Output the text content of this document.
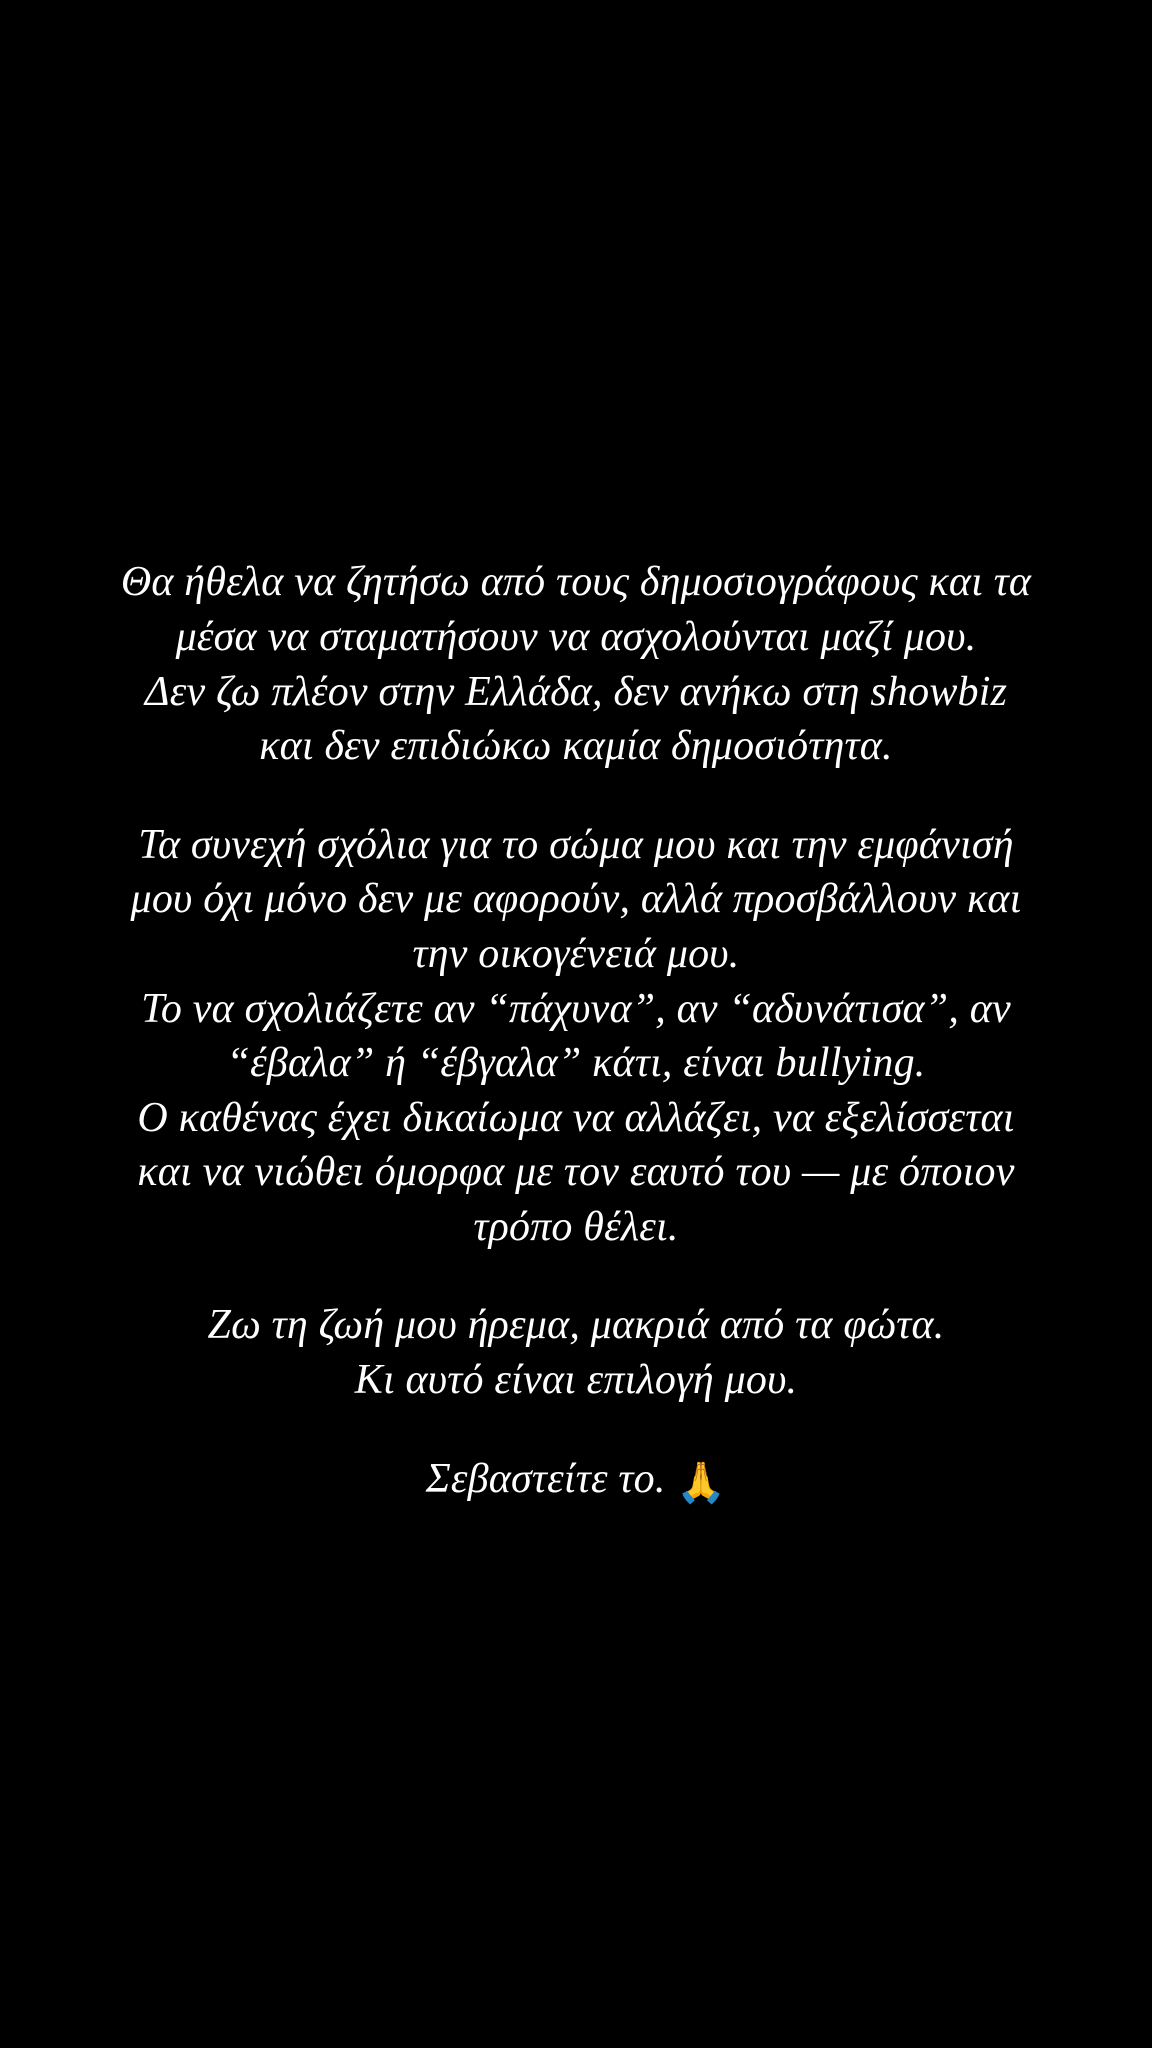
Θα ήθελα να ζητήσω από τους δημοσιογράφους και τα
μέσα να σταματήσουν να ασχολούνται μαζί μου.
Δεν ζω πλέον στην Ελλάδα, δεν ανήκω στη showbiz
και δεν επιδιώκω καμία δημοσιότητα.
Τα συνεχή σχόλια για το σώμα μου και την εμφάνισή
μου όχι μόνο δεν με αφορούν, αλλά προσβάλλουν και
την οικογένειά μου.
Το να σχολιάζετε αν “πάχυνα”, αν “αδυνάτισα”, αν
“έβαλα” ή “έβγαλα” κάτι, είναι bullying.
Ο καθένας έχει δικαίωμα να αλλάζει, να εξελίσσεται
και να νιώθει όμορφα με τον εαυτό του — με όποιον
τρόπο θέλει.
Ζω τη ζωή μου ήρεμα, μακριά από τα φώτα.
Κι αυτό είναι επιλογή μου.
Σεβαστείτε το. 🙏
